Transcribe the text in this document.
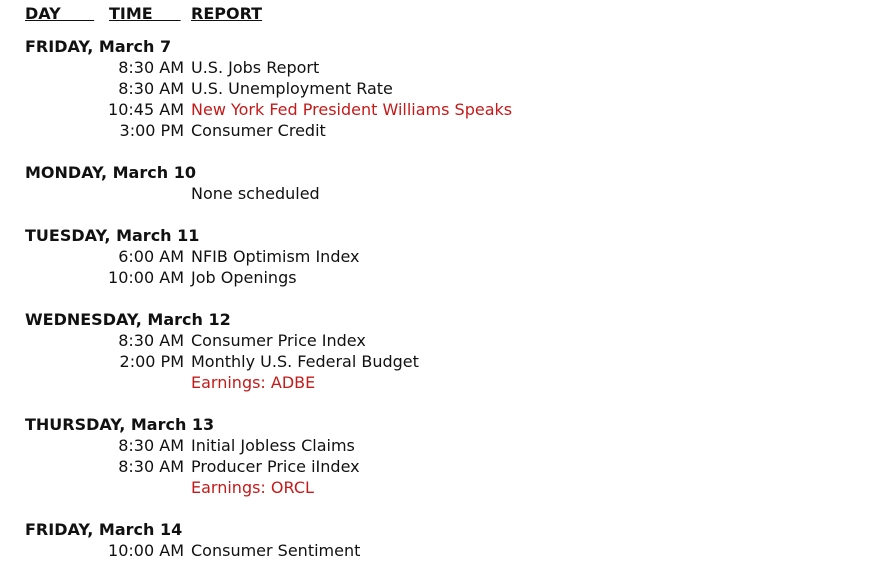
DAY TIME REPORT
FRIDAY, March 7
8:30 AM U.S. Jobs Report
8:30 AM U.S. Unemployment Rate
10:45 AM New York Fed President Williams Speaks
3:00 PM Consumer Credit
MONDAY, March 10
None scheduled
TUESDAY, March 11
6:00 AM NFIB Optimism Index
10:00 AM Job Openings
WEDNESDAY, March 12
8:30 AM Consumer Price Index
2:00 PM Monthly U.S. Federal Budget
Earnings: ADBE
THURSDAY, March 13
8:30 AM Initial Jobless Claims
8:30 AM Producer Price iIndex
Earnings: ORCL
FRIDAY, March 14
10:00 AM Consumer Sentiment
